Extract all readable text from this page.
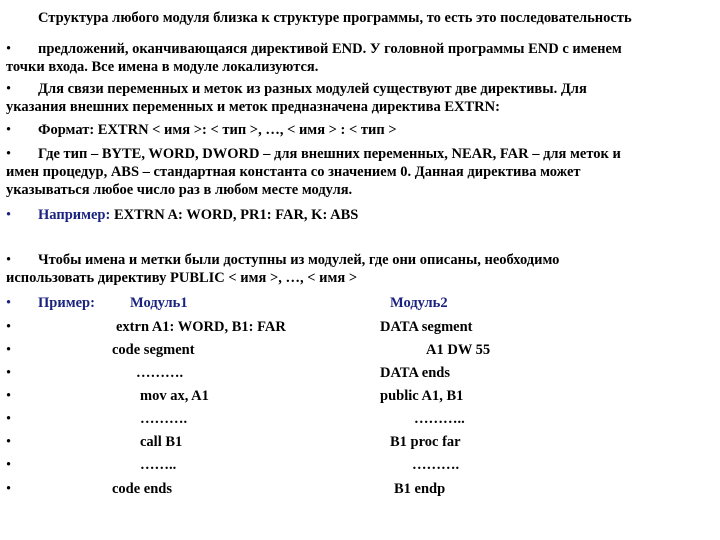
Структура любого модуля близка к структуре программы, то есть это последовательность
• предложений, оканчивающаяся директивой END. У головной программы END с именем
точки входа. Все имена в модуле локализуются.
• Для связи переменных и меток из разных модулей существуют две директивы. Для
указания внешних переменных и меток предназначена директива EXTRN:
• Формат: EXTRN < имя >: < тип >, …, < имя > : < тип >
• Где тип – BYTE, WORD, DWORD – для внешних переменных, NEAR, FAR – для меток и
имен процедур, ABS – стандартная константа со значением 0. Данная директива может
указываться любое число раз в любом месте модуля.
• Например: EXTRN A: WORD, PR1: FAR, K: ABS
• Чтобы имена и метки были доступны из модулей, где они описаны, необходимо
использовать директиву PUBLIC < имя >, …, < имя >
• Пример: Модуль1	Модуль2
•	extrn A1: WORD, B1: FAR	DATA segment
•	code segment	A1 DW 55
•	……….	DATA ends
•	mov ax, A1	public A1, B1
•	……….	………..
•	call B1	B1 proc far
•	……..	……….
•	code ends	B1 endp
